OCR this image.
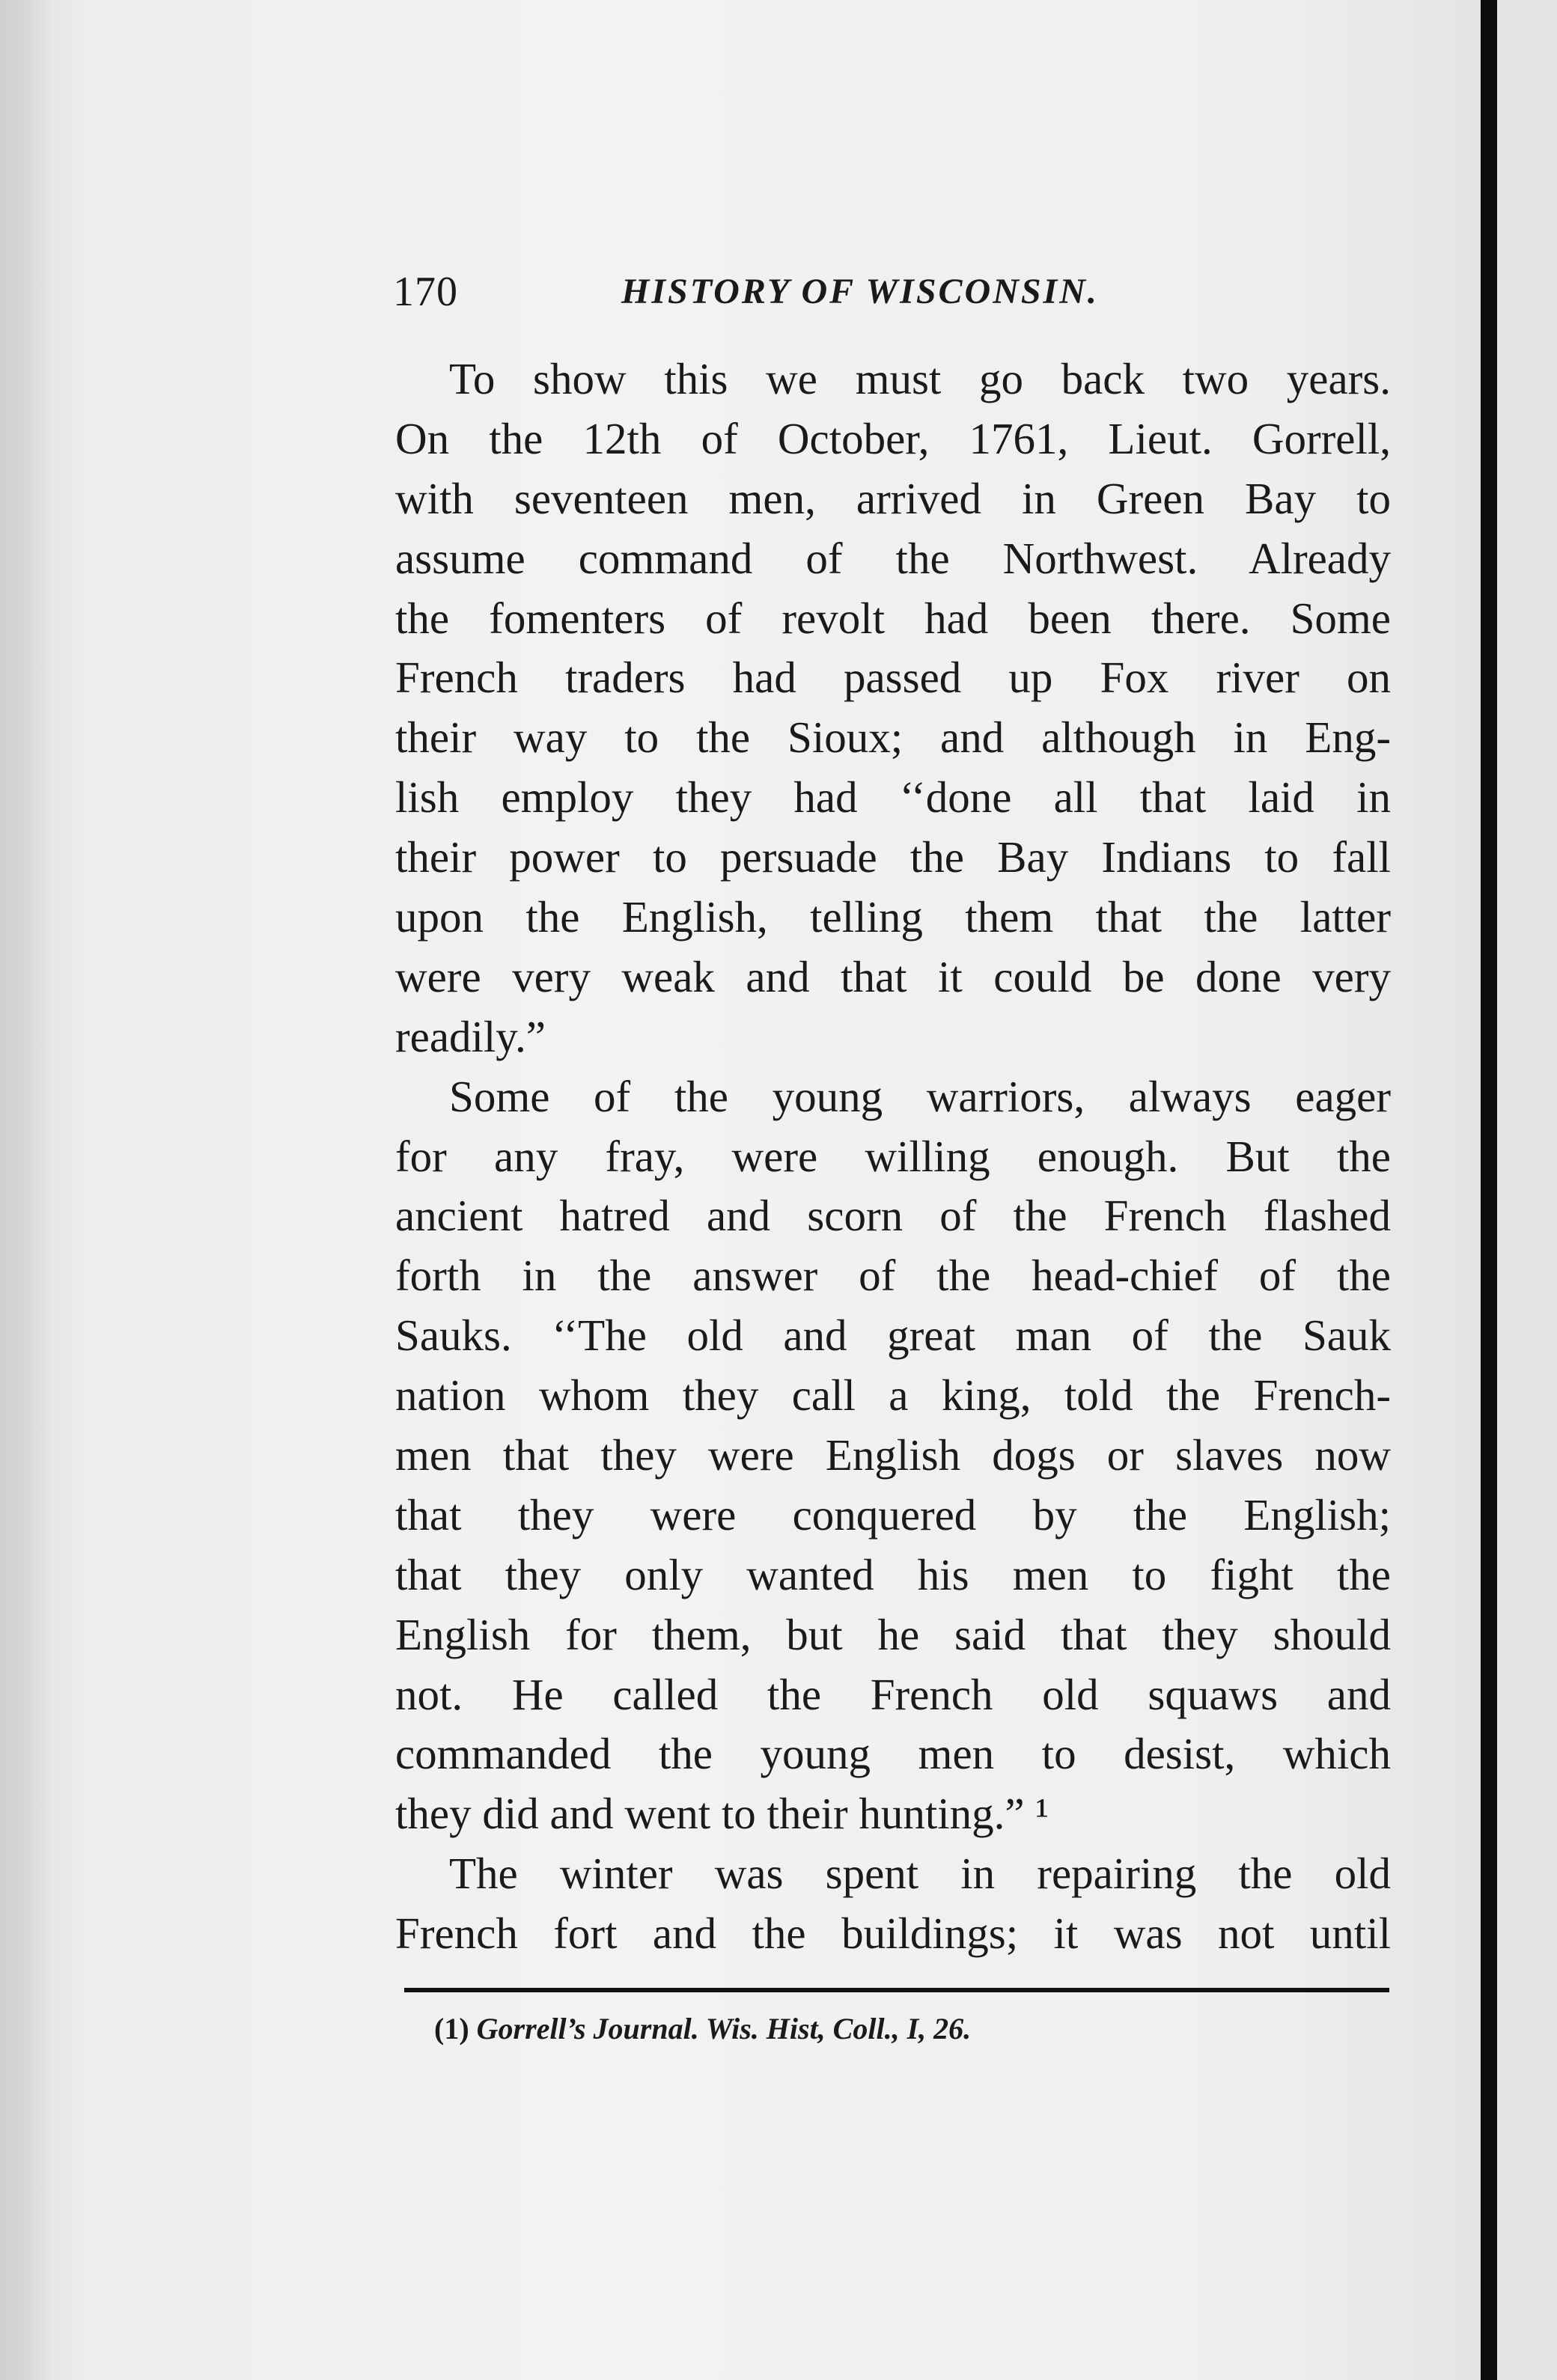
170	HISTORY OF WISCONSIN.
To show this we must go back two years.
On the 12th of October, 1761, Lieut. Gorrell,
with seventeen men, arrived in Green Bay to
assume command of the Northwest. Already
the fomenters of revolt had been there. Some
French traders had passed up Fox river on
their way to the Sioux; and although in Eng-
lish employ they had ‘‘done all that laid in
their power to persuade the Bay Indians to fall
upon the English, telling them that the latter
were very weak and that it could be done very
readily.”
Some of the young warriors, always eager
for any fray, were willing enough. But the
ancient hatred and scorn of the French flashed
forth in the answer of the head-chief of the
Sauks. ‘‘The old and great man of the Sauk
nation whom they call a king, told the French-
men that they were English dogs or slaves now
that they were conquered by the English;
that they only wanted his men to fight the
English for them, but he said that they should
not. He called the French old squaws and
commanded the young men to desist, which
they did and went to their hunting.” ¹
The winter was spent in repairing the old
French fort and the buildings; it was not until
(1) Gorrell’s Journal. Wis. Hist, Coll., I, 26.
